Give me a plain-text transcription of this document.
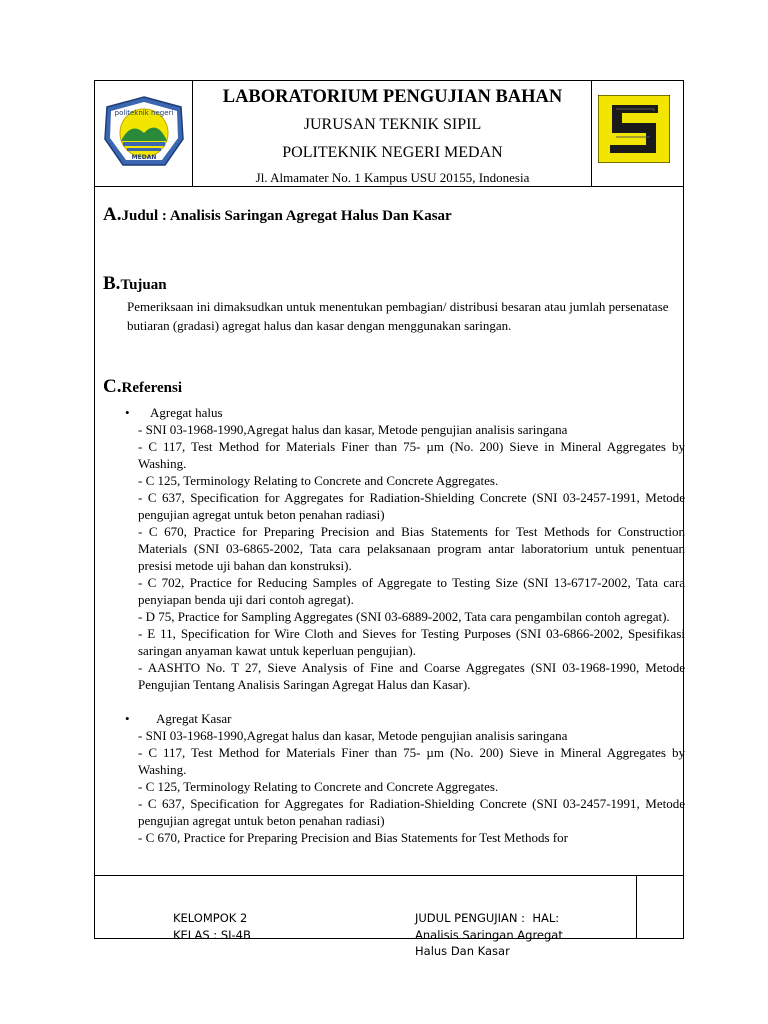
politeknik negeri
MEDAN
LABORATORIUM PENGUJIAN BAHAN
JURUSAN TEKNIK SIPIL
POLITEKNIK NEGERI MEDAN
Jl. Almamater No. 1 Kampus USU 20155, Indonesia
A.Judul : Analisis Saringan Agregat Halus Dan Kasar
B.Tujuan
Pemeriksaan ini dimaksudkan untuk menentukan pembagian/ distribusi besaran atau jumlah persenatase butiaran (gradasi) agregat halus dan kasar dengan menggunakan saringan.
C.Referensi
• Agregat halus
- SNI 03-1968-1990,Agregat halus dan kasar, Metode pengujian analisis saringana
- C 117, Test Method for Materials Finer than 75- µm (No. 200) Sieve in Mineral Aggregates by Washing.
- C 125, Terminology Relating to Concrete and Concrete Aggregates.
- C 637, Specification for Aggregates for Radiation-Shielding Concrete (SNI 03-2457-1991, Metode pengujian agregat untuk beton penahan radiasi)
- C 670, Practice for Preparing Precision and Bias Statements for Test Methods for Construction Materials (SNI 03-6865-2002, Tata cara pelaksanaan program antar laboratorium untuk penentuan presisi metode uji bahan dan konstruksi).
- C 702, Practice for Reducing Samples of Aggregate to Testing Size (SNI 13-6717-2002, Tata cara penyiapan benda uji dari contoh agregat).
- D 75, Practice for Sampling Aggregates (SNI 03-6889-2002, Tata cara pengambilan contoh agregat).
- E 11, Specification for Wire Cloth and Sieves for Testing Purposes (SNI 03-6866-2002, Spesifikasi saringan anyaman kawat untuk keperluan pengujian).
- AASHTO No. T 27, Sieve Analysis of Fine and Coarse Aggregates (SNI 03-1968-1990, Metode Pengujian Tentang Analisis Saringan Agregat Halus dan Kasar).
• Agregat Kasar
- SNI 03-1968-1990,Agregat halus dan kasar, Metode pengujian analisis saringana
- C 117, Test Method for Materials Finer than 75- µm (No. 200) Sieve in Mineral Aggregates by Washing.
- C 125, Terminology Relating to Concrete and Concrete Aggregates.
- C 637, Specification for Aggregates for Radiation-Shielding Concrete (SNI 03-2457-1991, Metode pengujian agregat untuk beton penahan radiasi)
- C 670, Practice for Preparing Precision and Bias Statements for Test Methods for
KELOMPOK 2
KELAS : SI-4B
JUDUL PENGUJIAN : HAL:
Analisis Saringan Agregat
Halus Dan Kasar
